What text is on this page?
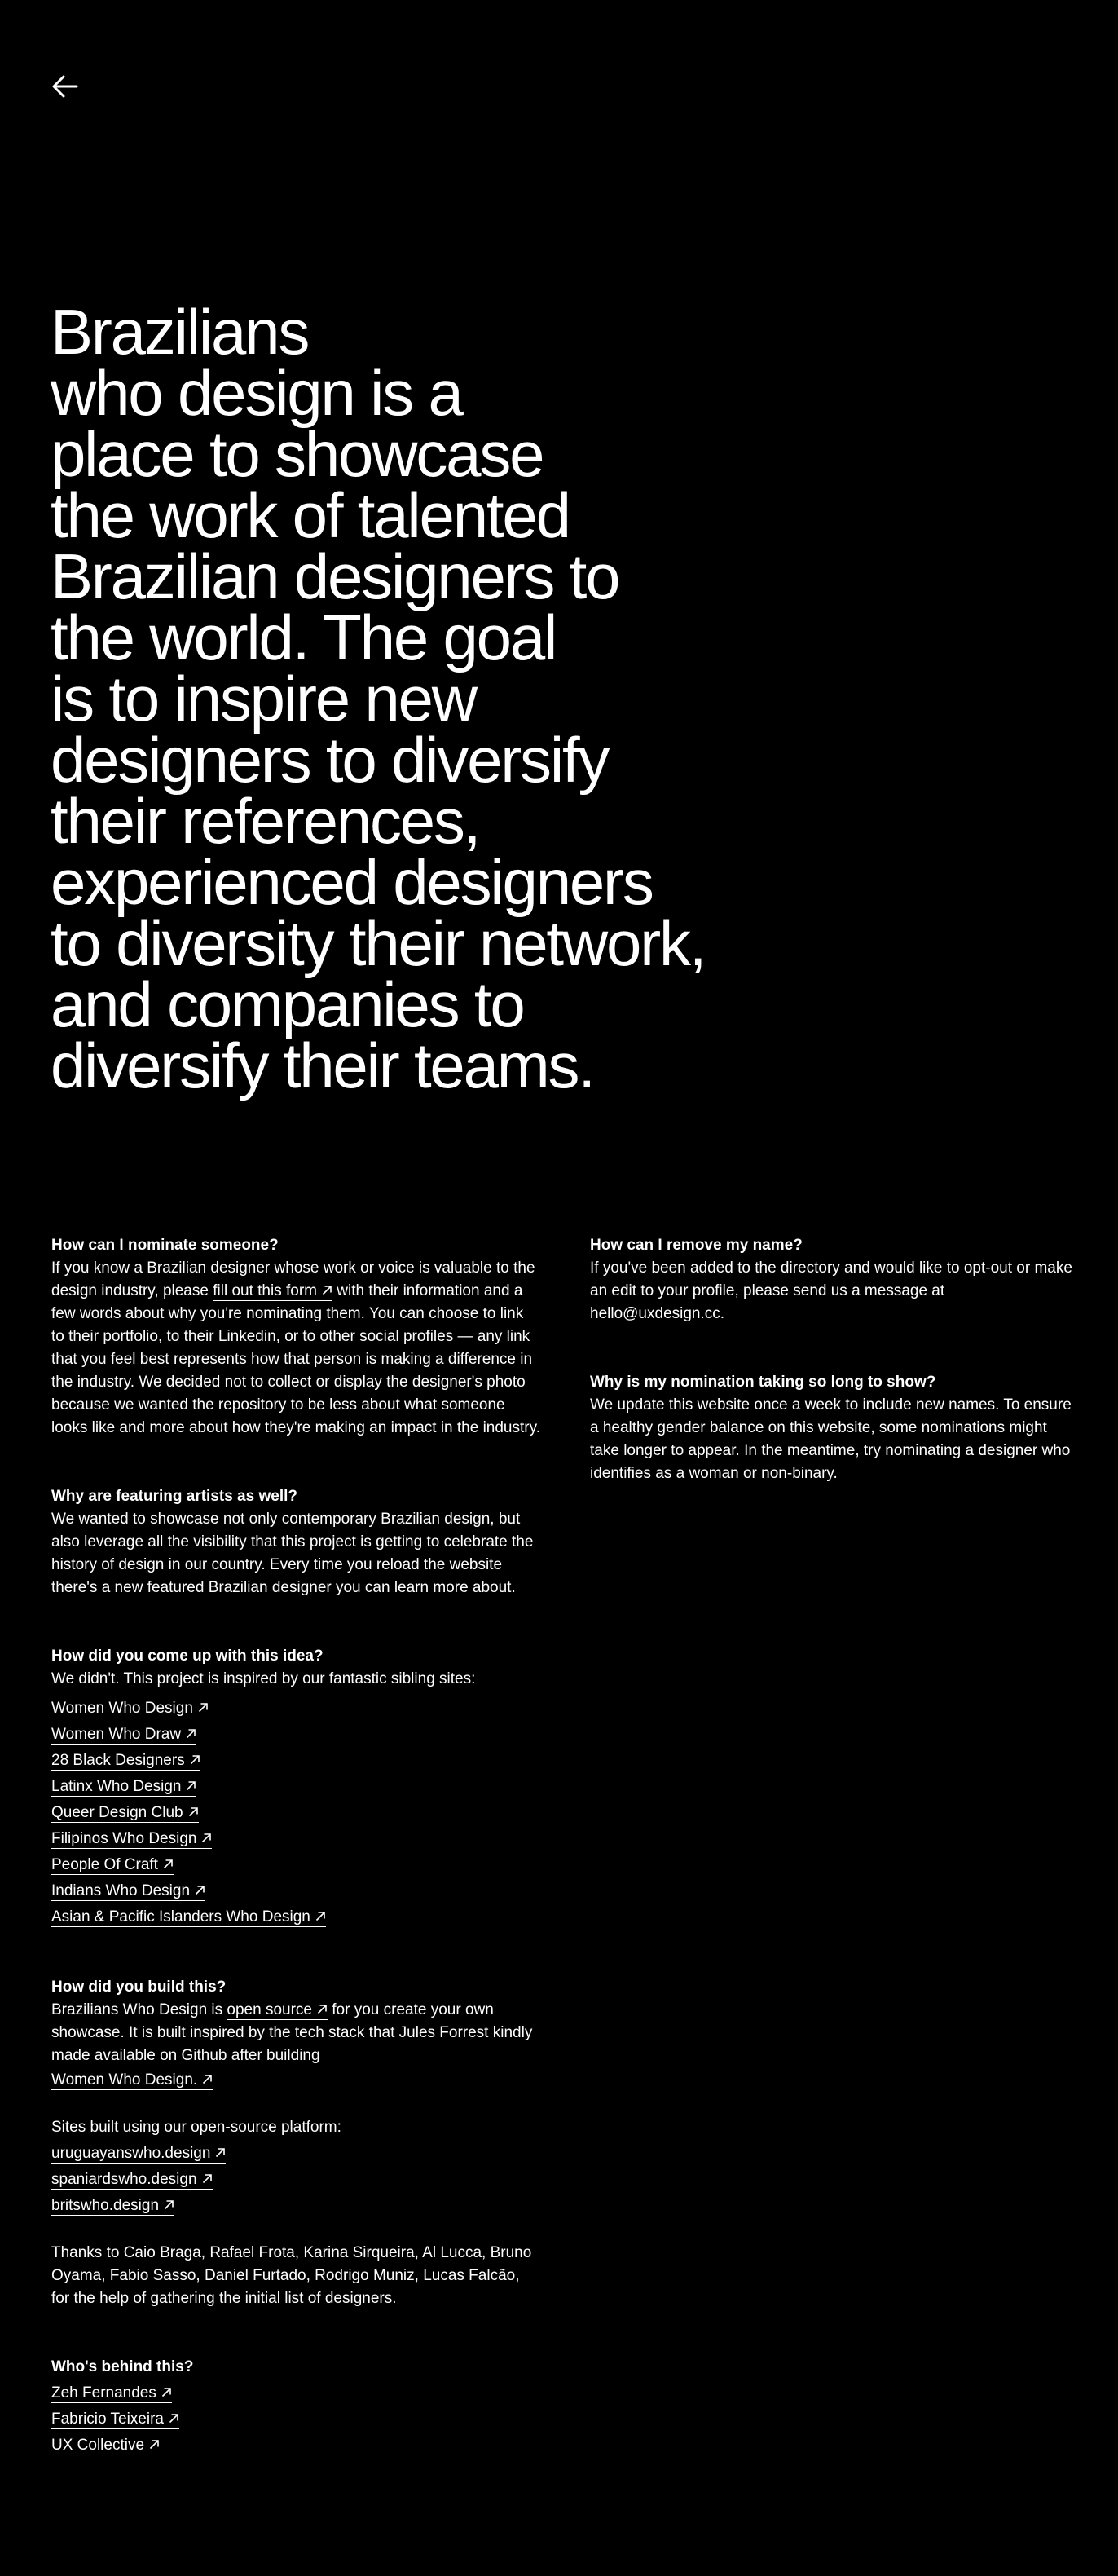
Brazilians
who design is a
place to showcase
the work of talented
Brazilian designers to
the world. The goal
is to inspire new
designers to diversify
their references,
experienced designers
to diversity their network,
and companies to
diversify their teams.
How can I nominate someone?

If you know a Brazilian designer whose work or voice is valuable to the design industry, please fill out this form
with their information and a few words about why you're nominating them. You can choose to link to their portfolio, to their Linkedin, or to other social profiles — any link that you feel best represents how that person is making a difference in the industry. We decided not to collect or display the designer's photo because we wanted the repository to be less about what someone looks like and more about how they're making an impact in the industry.

Why are featuring artists as well?

We wanted to showcase not only contemporary Brazilian design, but also leverage all the visibility that this project is getting to celebrate the history of design in our country. Every time you reload the website there's a new featured Brazilian designer you can learn more about.

How did you come up with this idea?

We didn't. This project is inspired by our fantastic sibling sites:

Women Who Design
Women Who Draw
28 Black Designers
Latinx Who Design
Queer Design Club
Filipinos Who Design
People Of Craft
Indians Who Design
Asian & Pacific Islanders Who Design
How did you build this?

Brazilians Who Design is open source
for you create your own showcase. It is built inspired by the tech stack that Jules Forrest kindly made available on Github after building

Women Who Design.

Sites built using our open-source platform:

uruguayanswho.design
spaniardswho.design
britswho.design

Thanks to Caio Braga, Rafael Frota, Karina Sirqueira, Al Lucca, Bruno Oyama, Fabio Sasso, Daniel Furtado, Rodrigo Muniz, Lucas Falcão, for the help of gathering the initial list of designers.

Who's behind this?
Zeh Fernandes
Fabricio Teixeira
UX Collective
How can I remove my name?

If you've been added to the directory and would like to opt-out or make an edit to your profile, please send us a message at hello@uxdesign.cc.

Why is my nomination taking so long to show?

We update this website once a week to include new names. To ensure a healthy gender balance on this website, some nominations might take longer to appear. In the meantime, try nominating a designer who identifies as a woman or non-binary.
